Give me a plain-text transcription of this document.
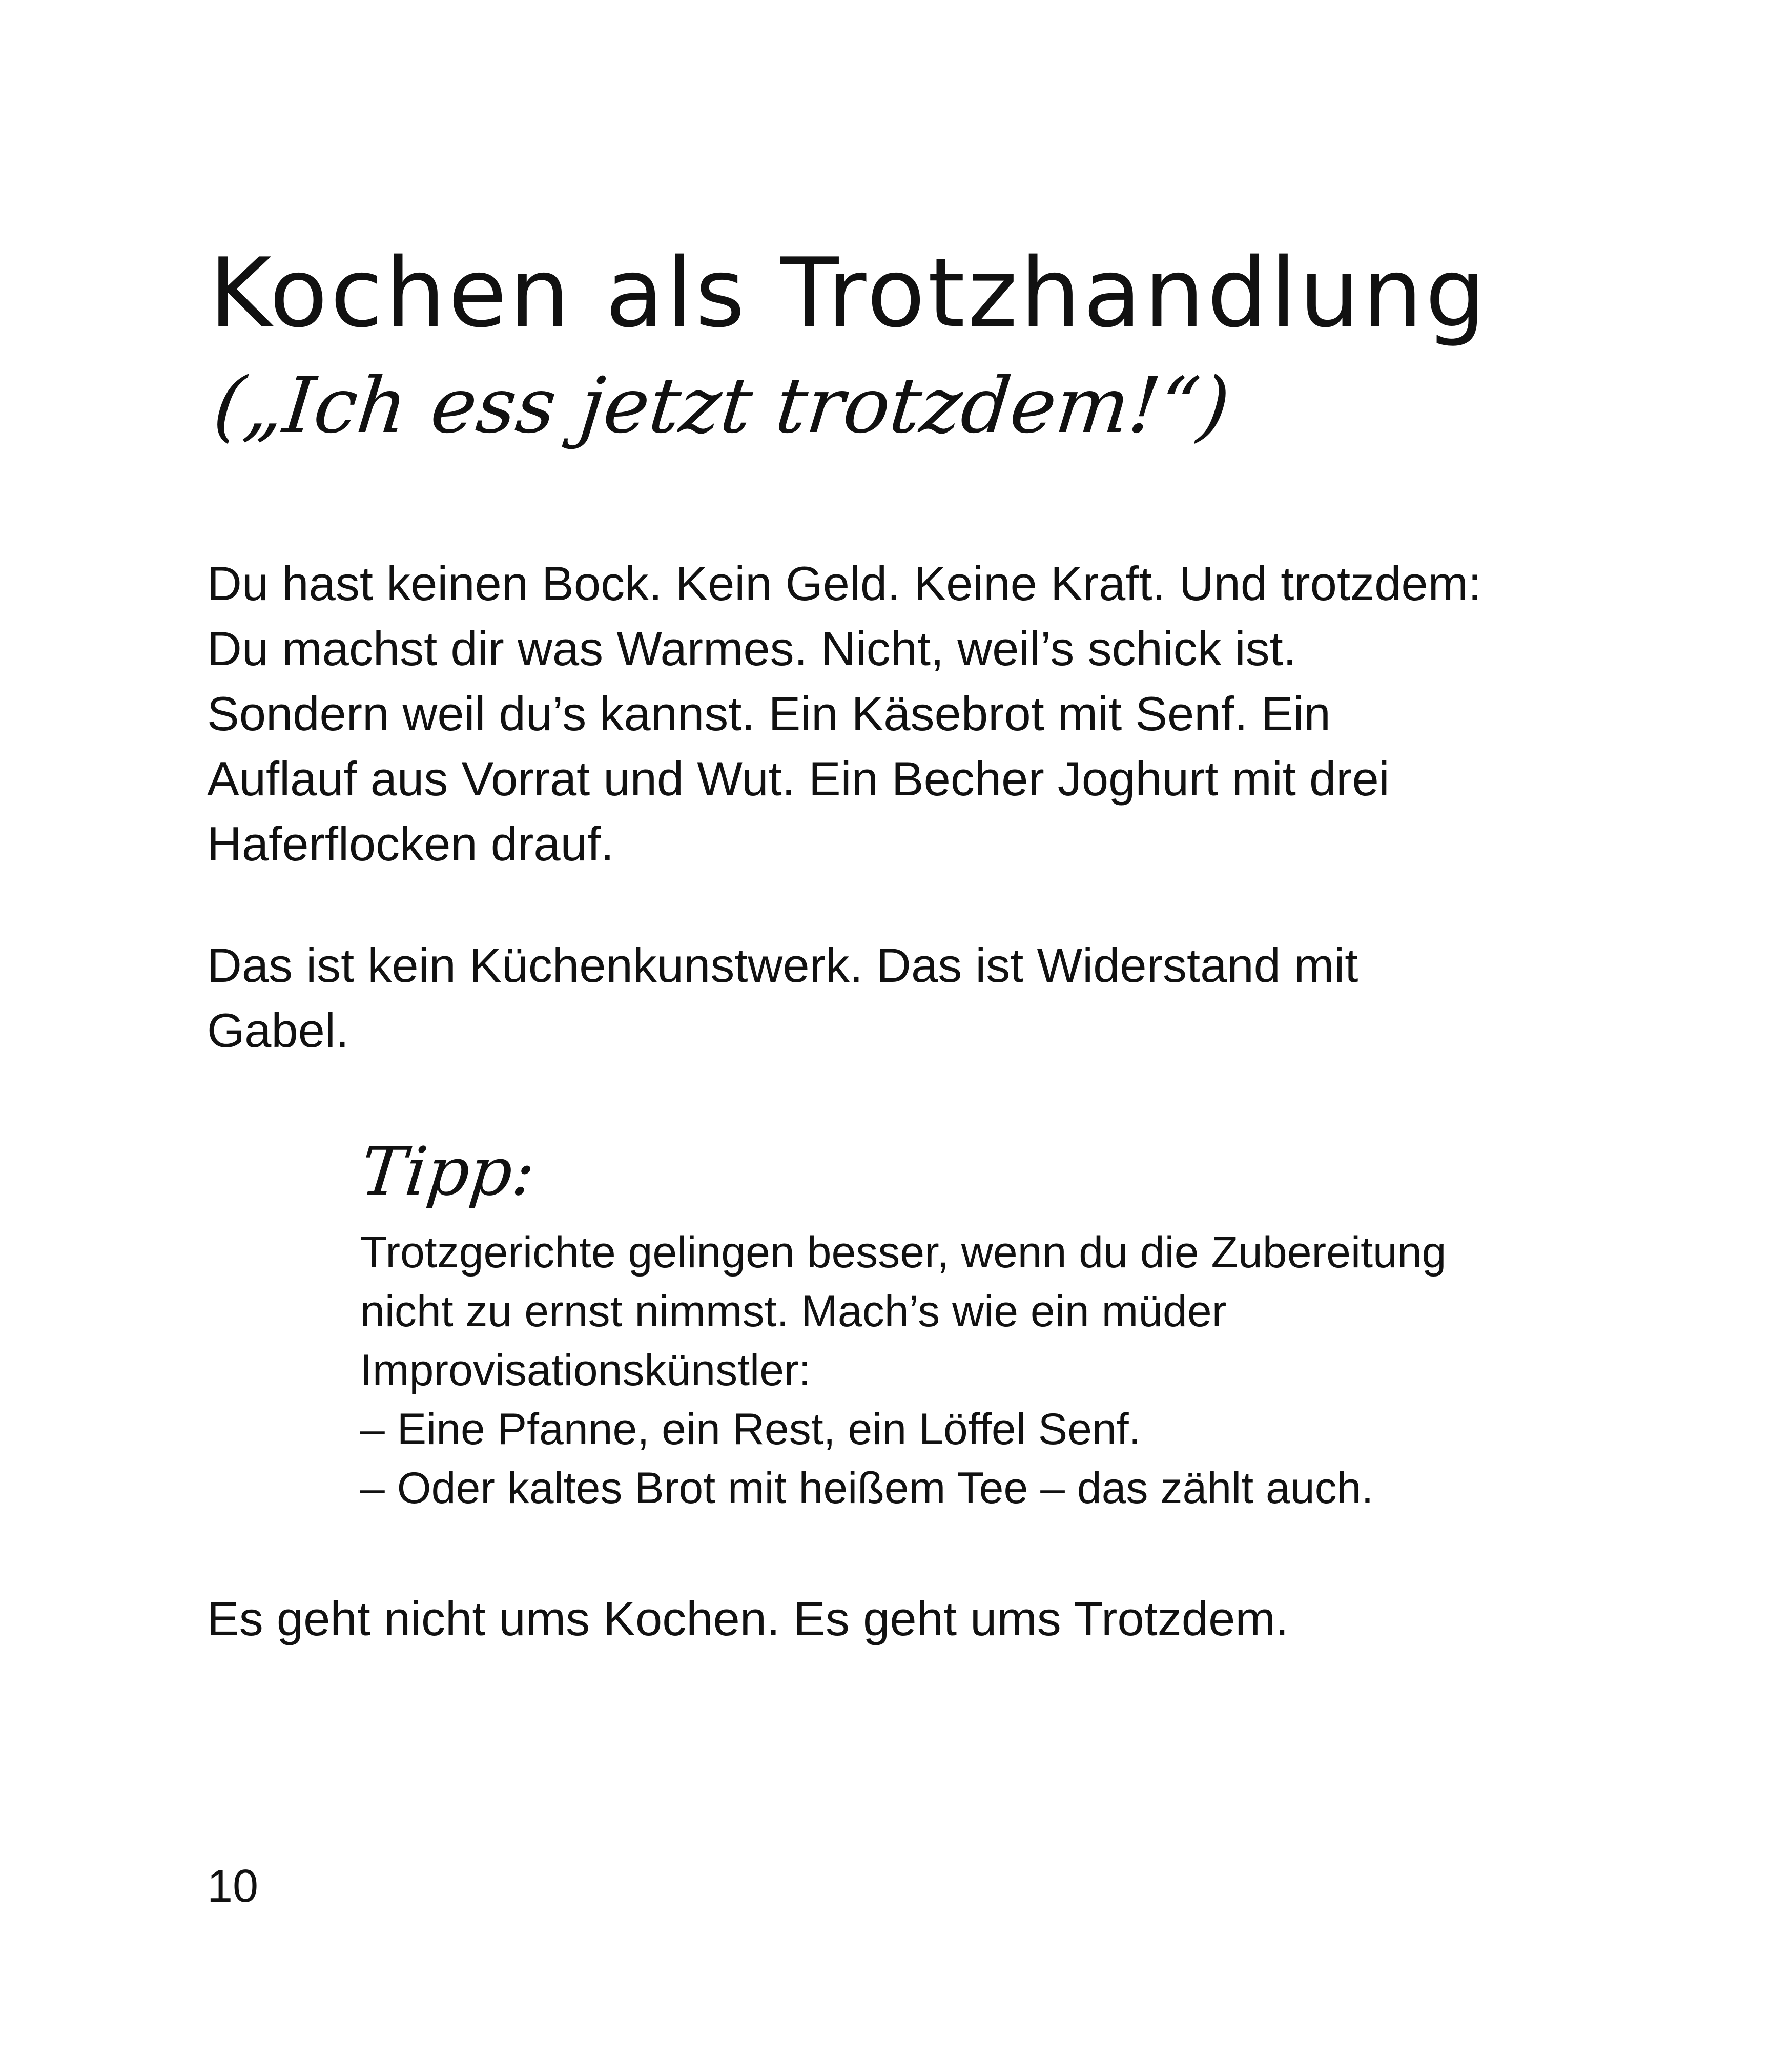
Kochen als Trotzhandlung

(„Ich ess jetzt trotzdem!“)

Du hast keinen Bock. Kein Geld. Keine Kraft. Und trotzdem:
Du machst dir was Warmes. Nicht, weil’s schick ist.
Sondern weil du’s kannst. Ein Käsebrot mit Senf. Ein
Auflauf aus Vorrat und Wut. Ein Becher Joghurt mit drei
Haferflocken drauf.

Das ist kein Küchenkunstwerk. Das ist Widerstand mit
Gabel.

Tipp:

Trotzgerichte gelingen besser, wenn du die Zubereitung
nicht zu ernst nimmst. Mach’s wie ein müder
Improvisationskünstler:
– Eine Pfanne, ein Rest, ein Löffel Senf.
– Oder kaltes Brot mit heißem Tee – das zählt auch.

Es geht nicht ums Kochen. Es geht ums Trotzdem.

10
